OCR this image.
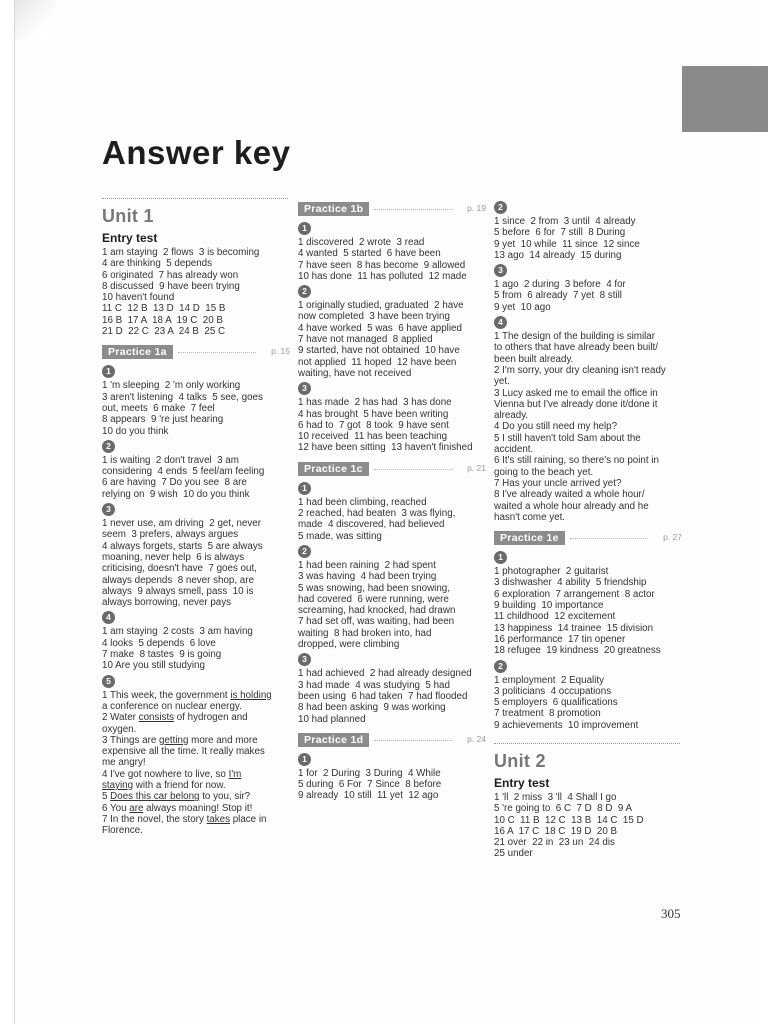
Answer key
Unit 1
Entry test
1 am staying  2 flows  3 is becoming
4 are thinking  5 depends
6 originated  7 has already won
8 discussed  9 have been trying
10 haven't found
11 C  12 B  13 D  14 D  15 B
16 B  17 A  18 A  19 C  20 B
21 D  22 C  23 A  24 B  25 C
Practice 1a	p. 15
1
1 'm sleeping  2 'm only working
3 aren't listening  4 talks  5 see, goes
out, meets  6 make  7 feel
8 appears  9 're just hearing
10 do you think
2
1 is waiting  2 don't travel  3 am
considering  4 ends  5 feel/am feeling
6 are having  7 Do you see  8 are
relying on  9 wish  10 do you think
3
1 never use, am driving  2 get, never
seem  3 prefers, always argues
4 always forgets, starts  5 are always
moaning, never help  6 is always
criticising, doesn't have  7 goes out,
always depends  8 never shop, are
always  9 always smell, pass  10 is
always borrowing, never pays
4
1 am staying  2 costs  3 am having
4 looks  5 depends  6 love
7 make  8 tastes  9 is going
10 Are you still studying
5
1 This week, the government is holding
a conference on nuclear energy.
2 Water consists of hydrogen and
oxygen.
3 Things are getting more and more
expensive all the time. It really makes
me angry!
4 I've got nowhere to live, so I'm
staying with a friend for now.
5 Does this car belong to you, sir?
6 You are always moaning! Stop it!
7 In the novel, the story takes place in
Florence.
Practice 1b	p. 19
1
1 discovered  2 wrote  3 read
4 wanted  5 started  6 have been
7 have seen  8 has become  9 allowed
10 has done  11 has polluted  12 made
2
1 originally studied, graduated  2 have
now completed  3 have been trying
4 have worked  5 was  6 have applied
7 have not managed  8 applied
9 started, have not obtained  10 have
not applied  11 hoped  12 have been
waiting, have not received
3
1 has made  2 has had  3 has done
4 has brought  5 have been writing
6 had to  7 got  8 took  9 have sent
10 received  11 has been teaching
12 have been sitting  13 haven't finished
Practice 1c	p. 21
1
1 had been climbing, reached
2 reached, had beaten  3 was flying,
made  4 discovered, had believed
5 made, was sitting
2
1 had been raining  2 had spent
3 was having  4 had been trying
5 was snowing, had been snowing,
had covered  6 were running, were
screaming, had knocked, had drawn
7 had set off, was waiting, had been
waiting  8 had broken into, had
dropped, were climbing
3
1 had achieved  2 had already designed
3 had made  4 was studying  5 had
been using  6 had taken  7 had flooded
8 had been asking  9 was working
10 had planned
Practice 1d	p. 24
1
1 for  2 During  3 During  4 While
5 during  6 For  7 Since  8 before
9 already  10 still  11 yet  12 ago
2
1 since  2 from  3 until  4 already
5 before  6 for  7 still  8 During
9 yet  10 while  11 since  12 since
13 ago  14 already  15 during
3
1 ago  2 during  3 before  4 for
5 from  6 already  7 yet  8 still
9 yet  10 ago
4
1 The design of the building is similar
to others that have already been built/
been built already.
2 I'm sorry, your dry cleaning isn't ready
yet.
3 Lucy asked me to email the office in
Vienna but I've already done it/done it
already.
4 Do you still need my help?
5 I still haven't told Sam about the
accident.
6 It's still raining, so there's no point in
going to the beach yet.
7 Has your uncle arrived yet?
8 I've already waited a whole hour/
waited a whole hour already and he
hasn't come yet.
Practice 1e	p. 27
1
1 photographer  2 guitarist
3 dishwasher  4 ability  5 friendship
6 exploration  7 arrangement  8 actor
9 building  10 importance
11 childhood  12 excitement
13 happiness  14 trainee  15 division
16 performance  17 tin opener
18 refugee  19 kindness  20 greatness
2
1 employment  2 Equality
3 politicians  4 occupations
5 employers  6 qualifications
7 treatment  8 promotion
9 achievements  10 improvement
Unit 2
Entry test
1 'll  2 miss  3 'll  4 Shall I go
5 're going to  6 C  7 D  8 D  9 A
10 C  11 B  12 C  13 B  14 C  15 D
16 A  17 C  18 C  19 D  20 B
21 over  22 in  23 un  24 dis
25 under
305
